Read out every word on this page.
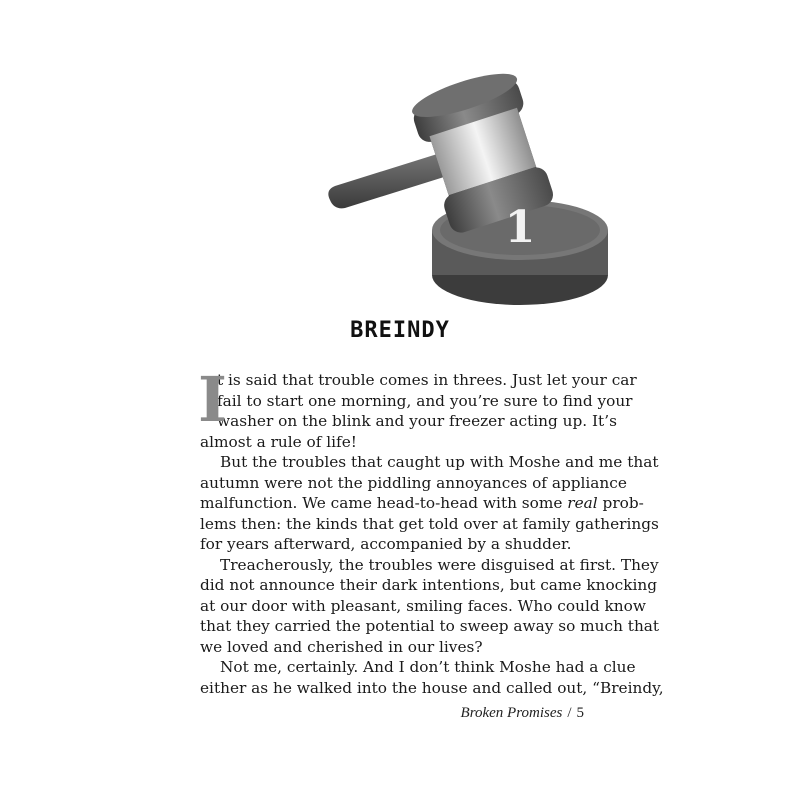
1
BREINDY
I
t is said that trouble comes in threes. Just let your car
fail to start one morning, and you’re sure to find your
washer on the blink and your freezer acting up. It’s
almost a rule of life!
But the troubles that caught up with Moshe and me that
autumn were not the piddling annoyances of appliance
malfunction. We came head-to-head with some real prob-
lems then: the kinds that get told over at family gatherings
for years afterward, accompanied by a shudder.
Treacherously, the troubles were disguised at first. They
did not announce their dark intentions, but came knocking
at our door with pleasant, smiling faces. Who could know
that they carried the potential to sweep away so much that
we loved and cherished in our lives?
Not me, certainly. And I don’t think Moshe had a clue
either as he walked into the house and called out, “Breindy,
Broken Promises / 5
